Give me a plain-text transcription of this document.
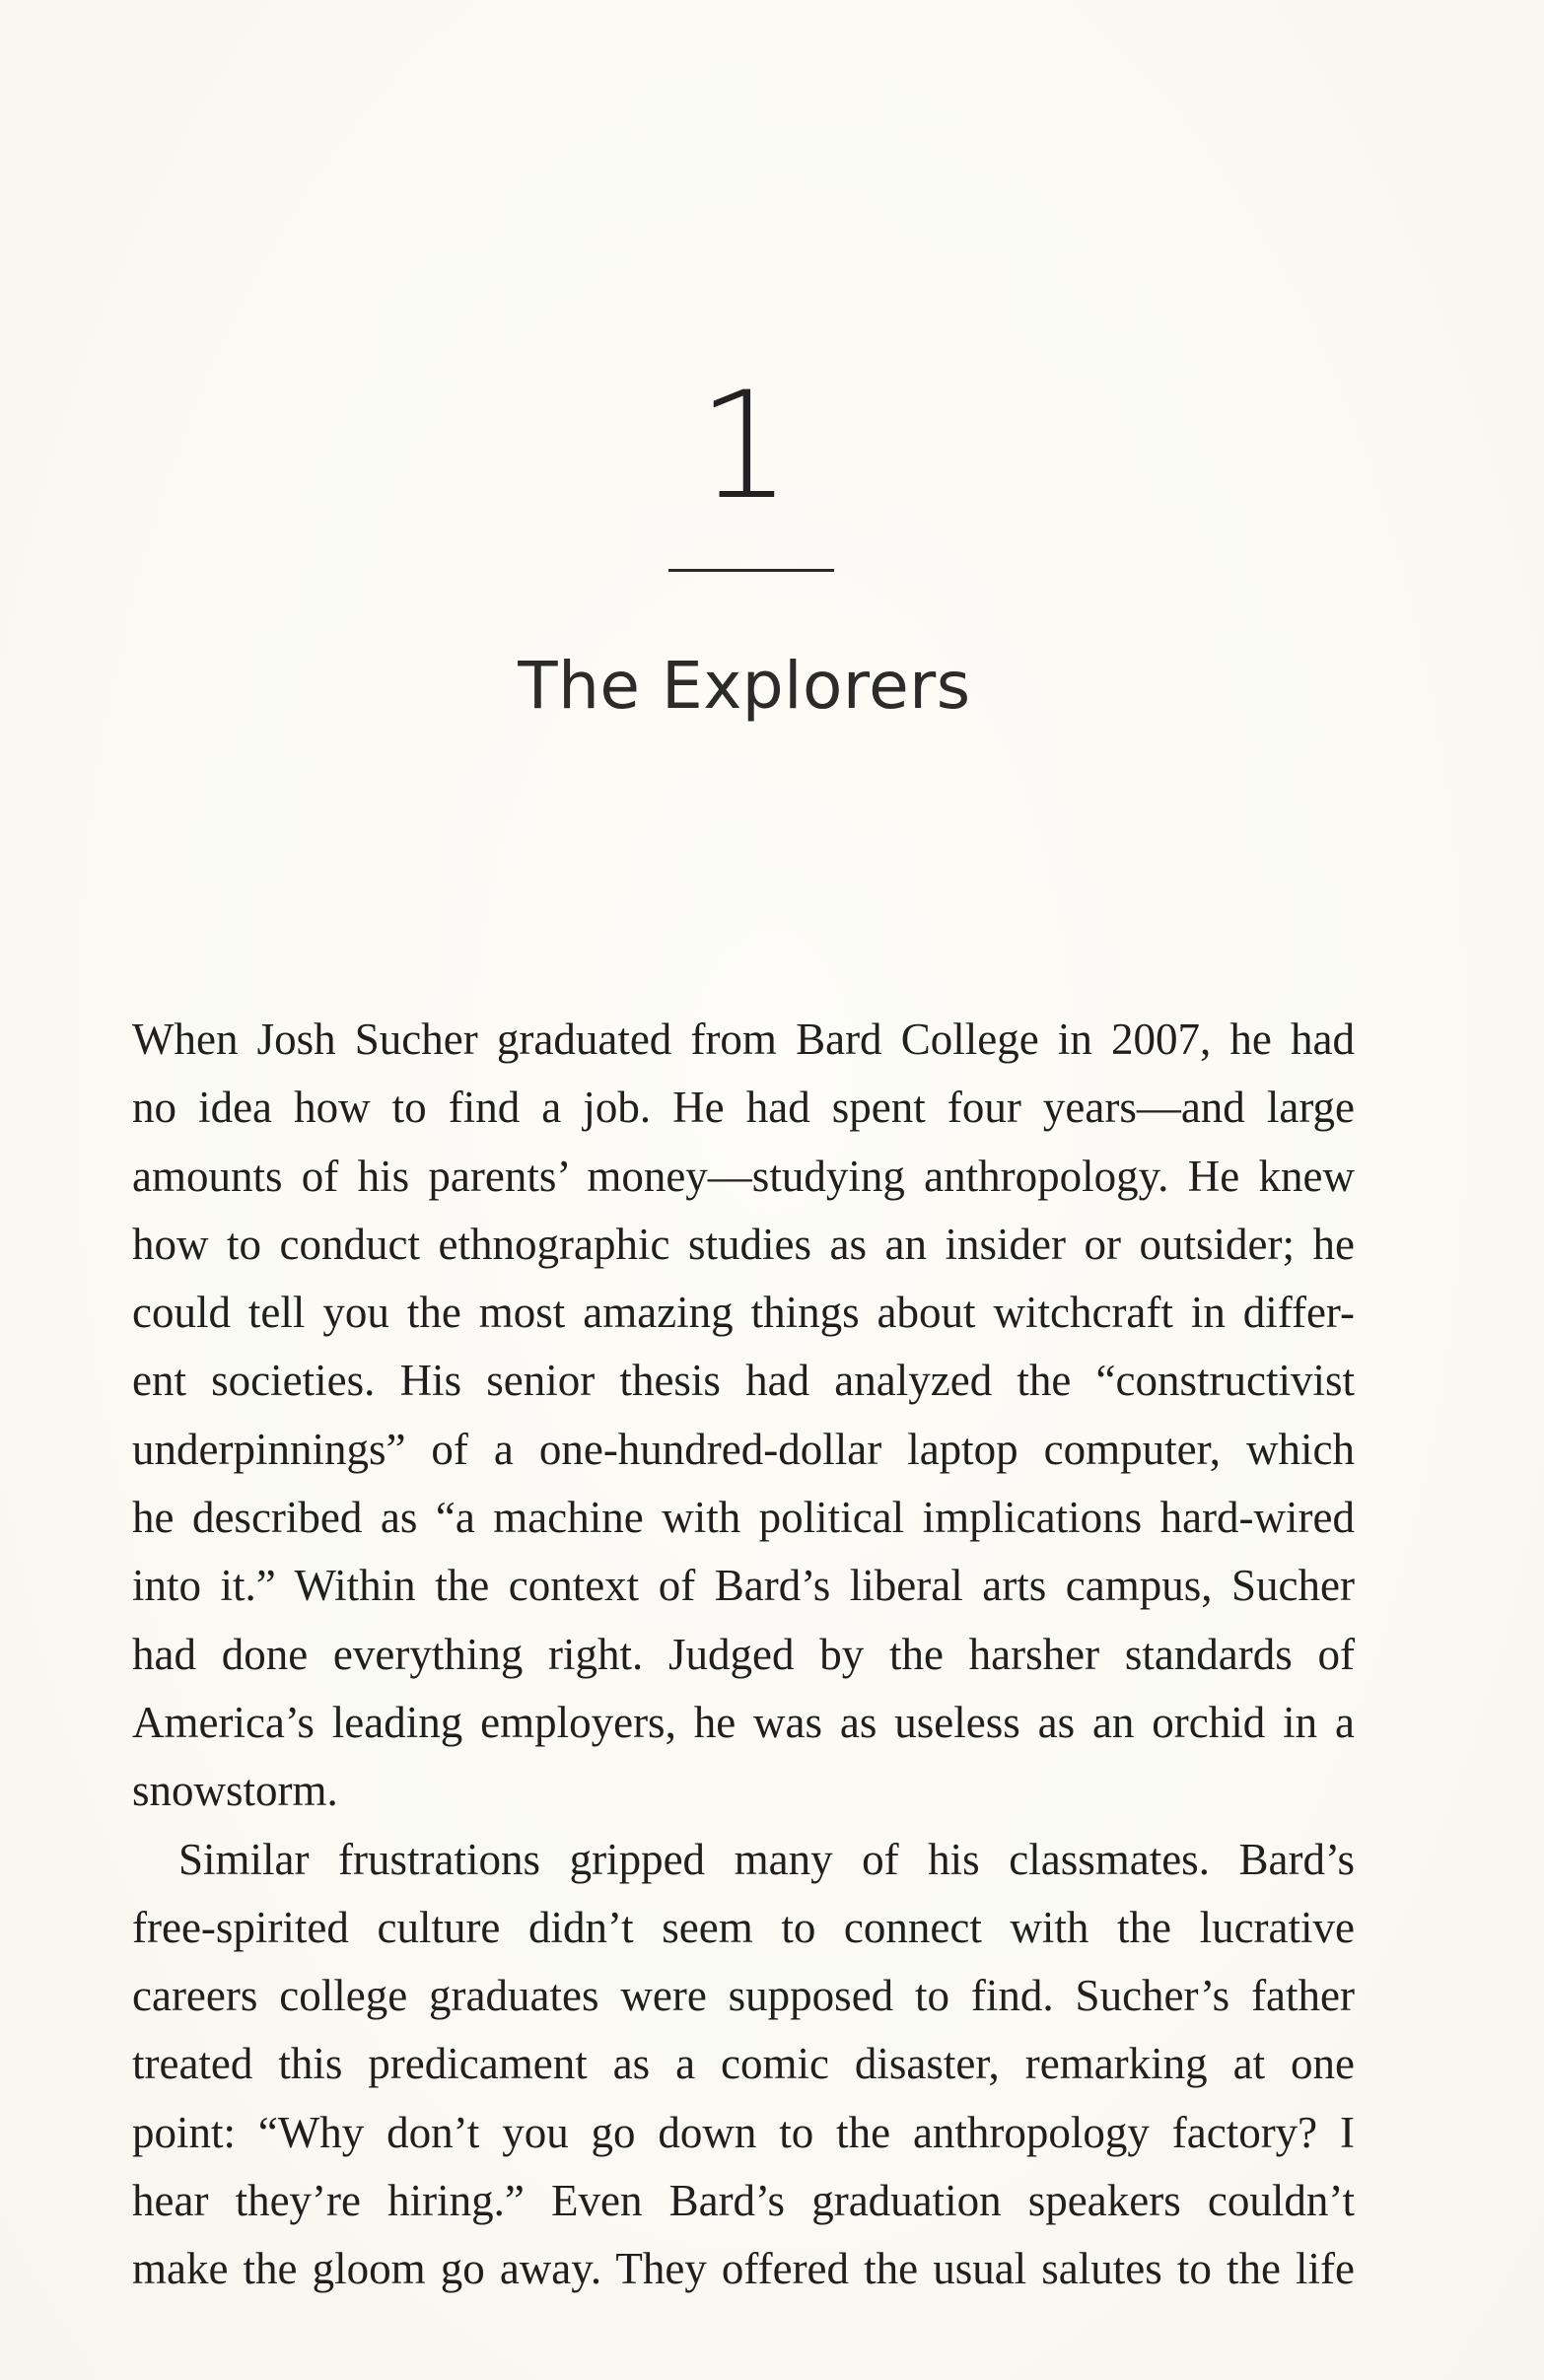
1
The Explorers
When Josh Sucher graduated from Bard College in 2007, he had
no idea how to find a job. He had spent four years—and large
amounts of his parents’ money—studying anthropology. He knew
how to conduct ethnographic studies as an insider or outsider; he
could tell you the most amazing things about witchcraft in differ-
ent societies. His senior thesis had analyzed the “constructivist
underpinnings” of a one-hundred-dollar laptop computer, which
he described as “a machine with political implications hard-wired
into it.” Within the context of Bard’s liberal arts campus, Sucher
had done everything right. Judged by the harsher standards of
America’s leading employers, he was as useless as an orchid in a
snowstorm.
Similar frustrations gripped many of his classmates. Bard’s
free-spirited culture didn’t seem to connect with the lucrative
careers college graduates were supposed to find. Sucher’s father
treated this predicament as a comic disaster, remarking at one
point: “Why don’t you go down to the anthropology factory? I
hear they’re hiring.” Even Bard’s graduation speakers couldn’t
make the gloom go away. They offered the usual salutes to the life
